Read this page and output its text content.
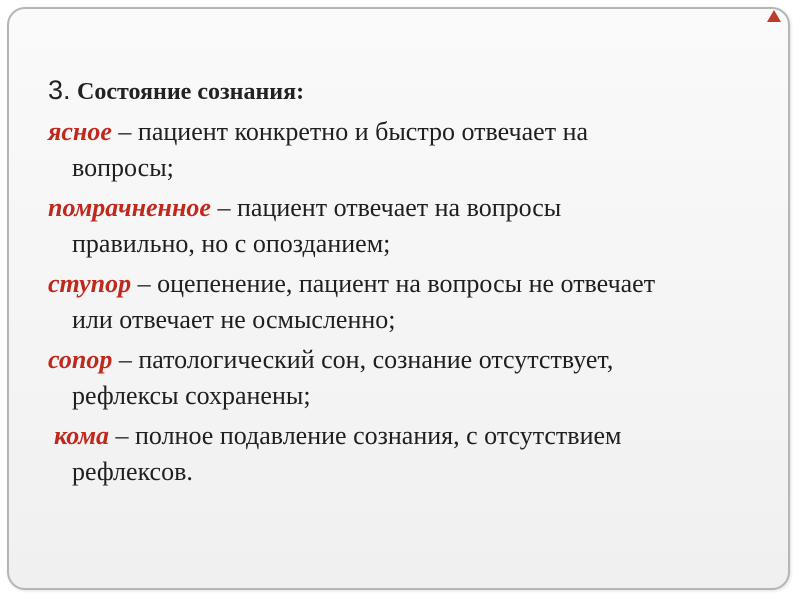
3. Состояние сознания:
ясное – пациент конкретно и быстро отвечает на
вопросы;
помрачненное – пациент отвечает на вопросы
правильно, но с опозданием;
ступор – оцепенение, пациент на вопросы не отвечает
или отвечает не осмысленно;
сопор – патологический сон, сознание отсутствует,
рефлексы сохранены;
кома – полное подавление сознания, с отсутствием
рефлексов.
